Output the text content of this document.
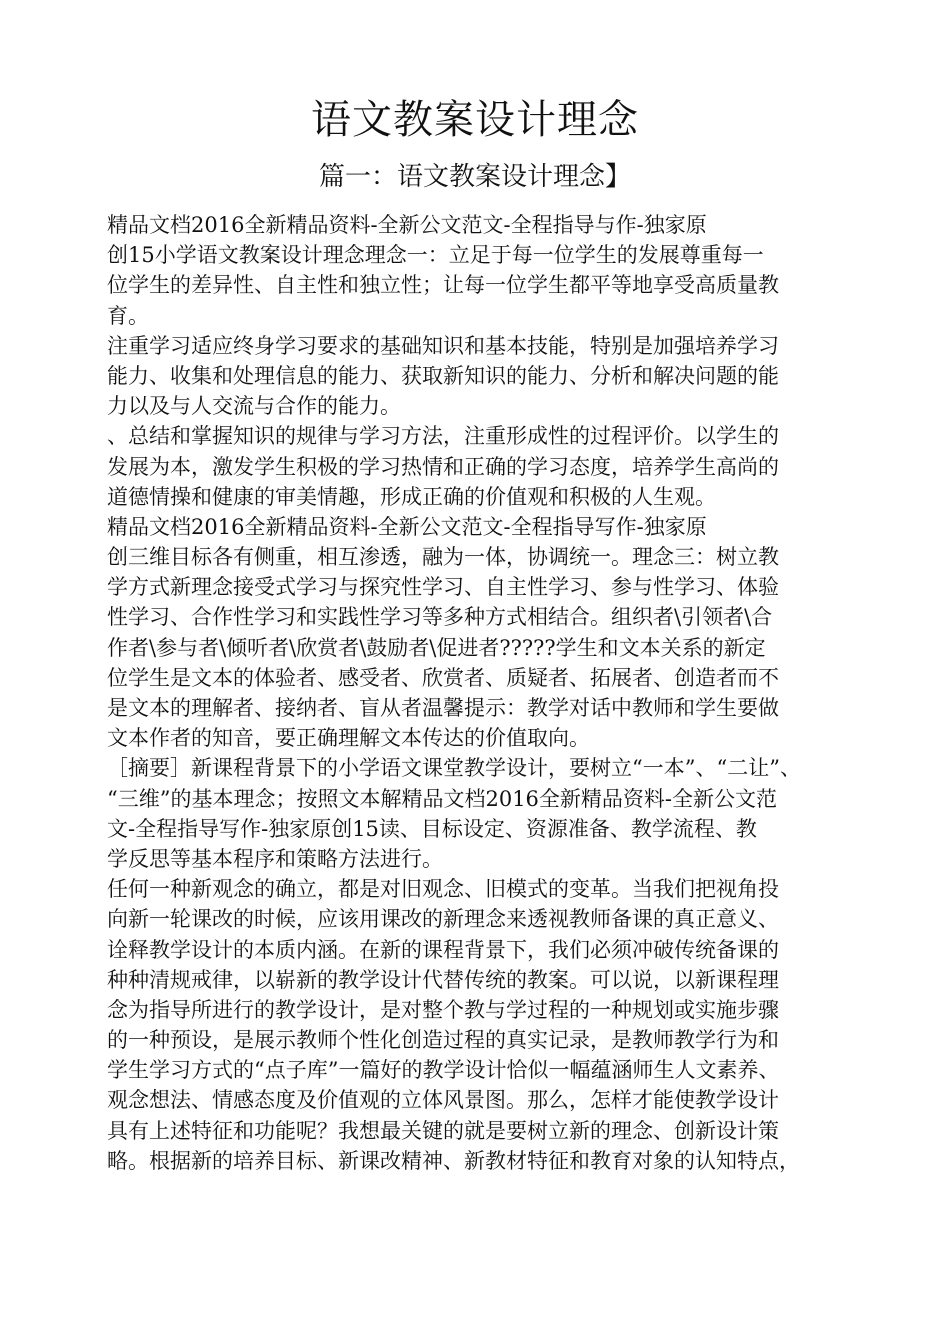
语文教案设计理念
篇一：语文教案设计理念】
精品文档2016全新精品资料-全新公文范文-全程指导与作-独家原
创15小学语文教案设计理念理念一：立足于每一位学生的发展尊重每一
位学生的差异性、自主性和独立性；让每一位学生都平等地享受高质量教
育。
注重学习适应终身学习要求的基础知识和基本技能，特别是加强培养学习
能力、收集和处理信息的能力、获取新知识的能力、分析和解决问题的能
力以及与人交流与合作的能力。
、总结和掌握知识的规律与学习方法，注重形成性的过程评价。以学生的
发展为本，激发学生积极的学习热情和正确的学习态度，培养学生高尚的
道德情操和健康的审美情趣，形成正确的价值观和积极的人生观。
精品文档2016全新精品资料-全新公文范文-全程指导写作-独家原
创三维目标各有侧重，相互渗透，融为一体，协调统一。理念三：树立教
学方式新理念接受式学习与探究性学习、自主性学习、参与性学习、体验
性学习、合作性学习和实践性学习等多种方式相结合。组织者\引领者\合
作者\参与者\倾听者\欣赏者\鼓励者\促进者?????学生和文本关系的新定
位学生是文本的体验者、感受者、欣赏者、质疑者、拓展者、创造者而不
是文本的理解者、接纳者、盲从者温馨提示：教学对话中教师和学生要做
文本作者的知音，要正确理解文本传达的价值取向。
［摘要］新课程背景下的小学语文课堂教学设计，要树立“一本”、“二让”、
“三维”的基本理念；按照文本解精品文档2016全新精品资料-全新公文范
文-全程指导写作-独家原创15读、目标设定、资源准备、教学流程、教
学反思等基本程序和策略方法进行。
任何一种新观念的确立，都是对旧观念、旧模式的变革。当我们把视角投
向新一轮课改的时候，应该用课改的新理念来透视教师备课的真正意义、
诠释教学设计的本质内涵。在新的课程背景下，我们必须冲破传统备课的
种种清规戒律，以崭新的教学设计代替传统的教案。可以说，以新课程理
念为指导所进行的教学设计，是对整个教与学过程的一种规划或实施步骤
的一种预设，是展示教师个性化创造过程的真实记录，是教师教学行为和
学生学习方式的“点子库”一篇好的教学设计恰似一幅蕴涵师生人文素养、
观念想法、情感态度及价值观的立体风景图。那么，怎样才能使教学设计
具有上述特征和功能呢？我想最关键的就是要树立新的理念、创新设计策
略。根据新的培养目标、新课改精神、新教材特征和教育对象的认知特点，
